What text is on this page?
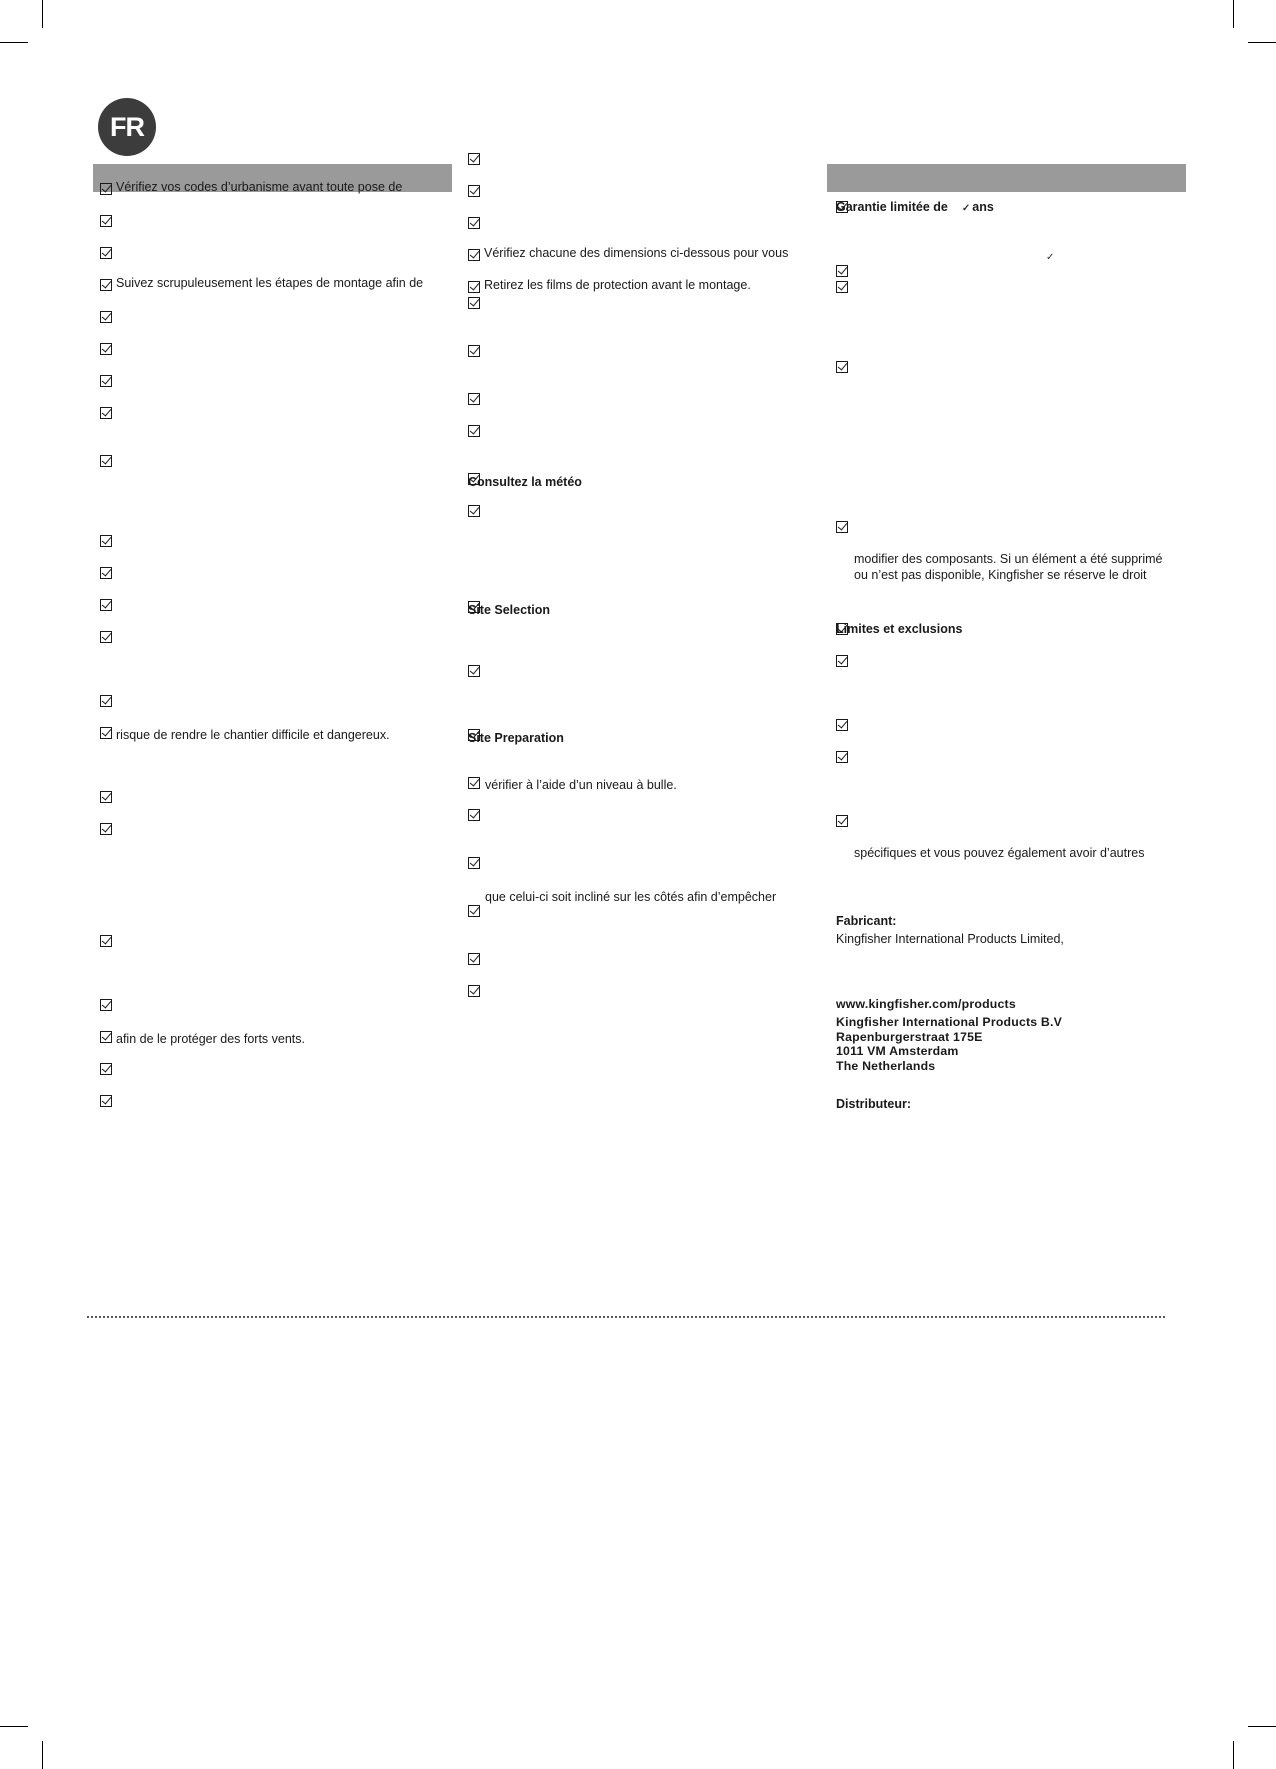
FR
Vérifiez vos codes d’urbanisme avant toute pose de
Suivez scrupuleusement les étapes de montage afin de
risque de rendre le chantier difficile et dangereux.
afin de le protéger des forts vents.
Vérifiez chacune des dimensions ci-dessous pour vous
Retirez les films de protection avant le montage.
vérifier à l’aide d’un niveau à bulle.
que celui-ci soit incliné sur les côtés afin d’empêcher
Consultez la météo
Site Selection
Site Preparation
modifier des composants. Si un élément a été supprimé
ou n’est pas disponible, Kingfisher se réserve le droit
spécifiques et vous pouvez également avoir d’autres
Garantie limitée de ✓ ans
✓
Limites et exclusions
Fabricant:
Kingfisher International Products Limited,
www.kingfisher.com/products
Kingfisher International Products B.V
Rapenburgerstraat 175E
1011 VM Amsterdam
The Netherlands
Distributeur:
